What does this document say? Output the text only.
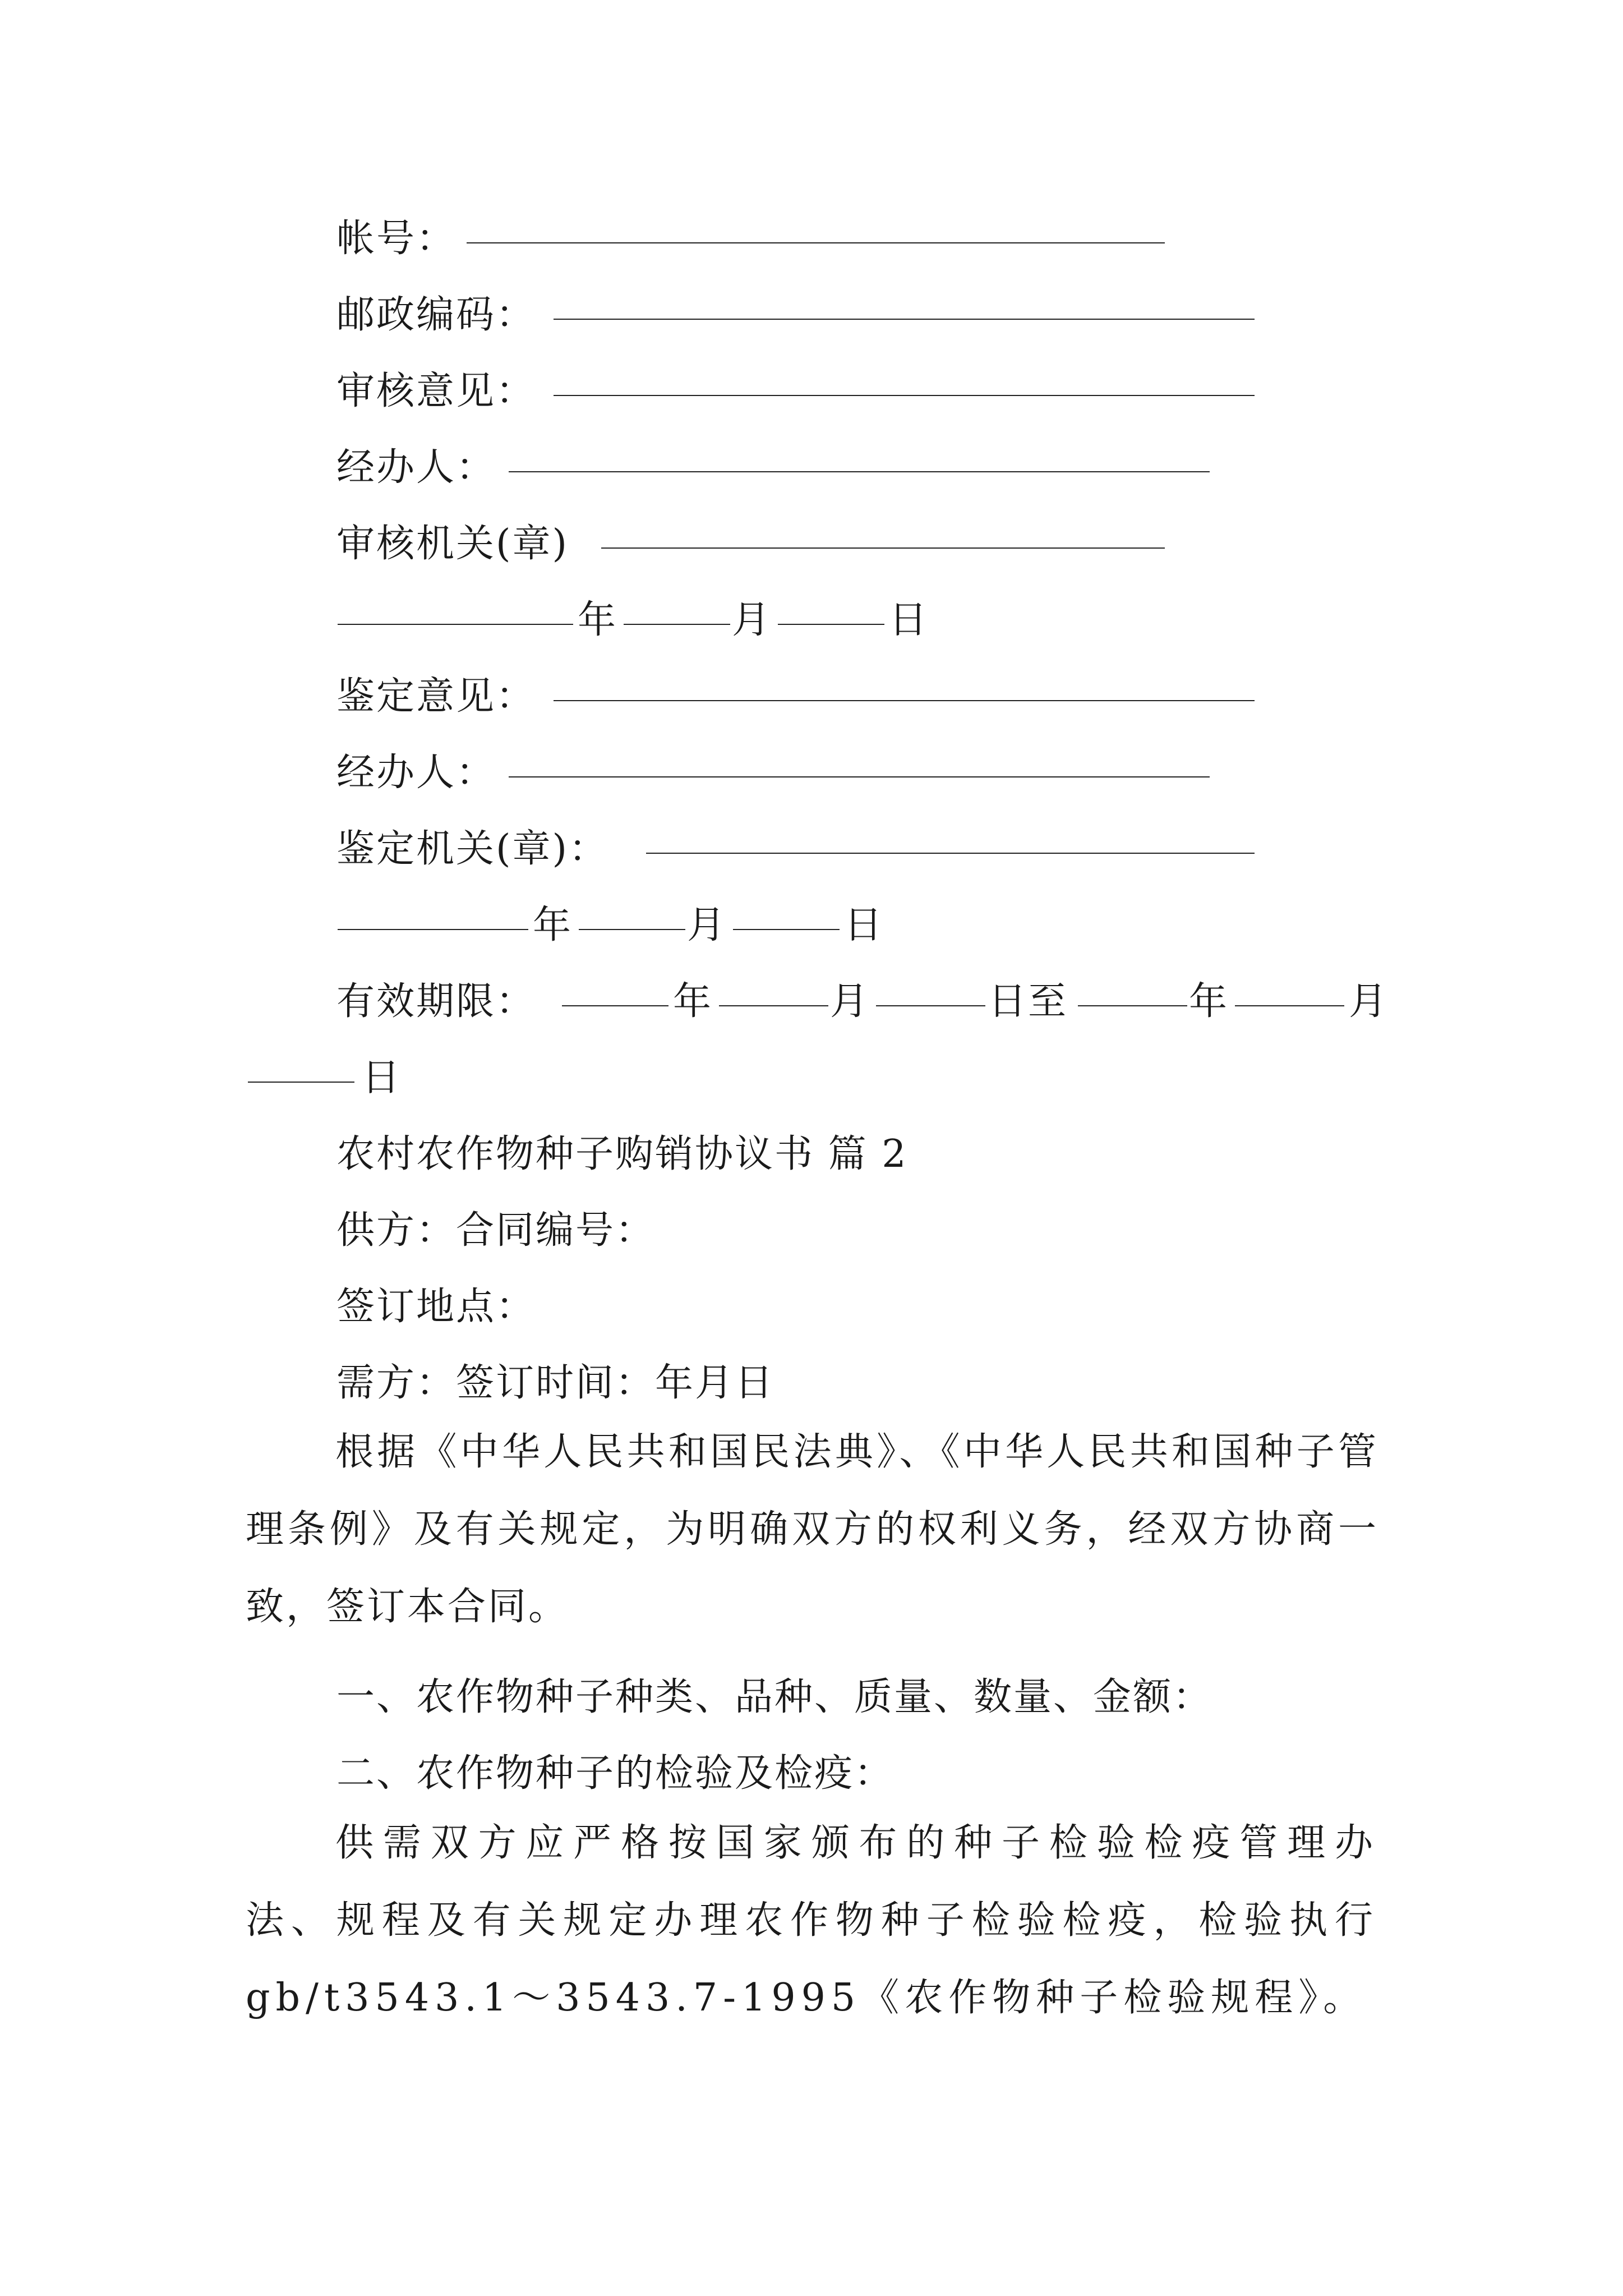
帐号：
邮政编码：
审核意见：
经办人：
审核机关(章)
年	月	日
鉴定意见：
经办人：
鉴定机关(章)：
年	月	日
有效期限：	年	月	日至	年	月
日
农村农作物种子购销协议书 篇 2
供方：合同编号：
签订地点：
需方：签订时间：年月日

根据《中华人民共和国民法典》、《中华人民共和国种子管理条例》及有关规定，为明确双方的权利义务，经双方协商一致，签订本合同。

一、农作物种子种类、品种、质量、数量、金额：
二、农作物种子的检验及检疫：

供需双方应严格按国家颁布的种子检验检疫管理办法、规程及有关规定办理农作物种子检验检疫，检验执行gb/t3543.1～3543.7-1995《农作物种子检验规程》。
